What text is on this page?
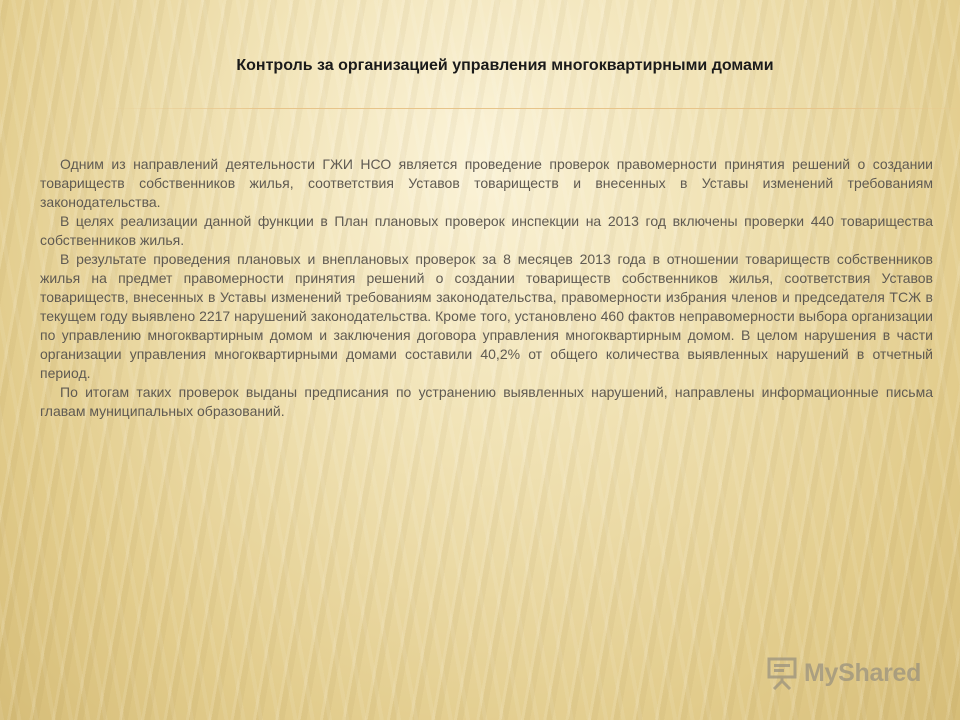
Контроль за организацией управления многоквартирными домами

Одним из направлений деятельности ГЖИ НСО является проведение проверок правомерности принятия решений о создании товариществ собственников жилья, соответствия Уставов товариществ и внесенных в Уставы изменений требованиям законодательства.

В целях реализации данной функции в План плановых проверок инспекции на 2013 год включены проверки 440 товарищества собственников жилья.

В результате проведения плановых и внеплановых проверок за 8 месяцев 2013 года в отношении товариществ собственников жилья на предмет правомерности принятия решений о создании товариществ собственников жилья, соответствия Уставов товариществ, внесенных в Уставы изменений требованиям законодательства, правомерности избрания членов и председателя ТСЖ в текущем году выявлено 2217 нарушений законодательства. Кроме того, установлено 460 фактов неправомерности выбора организации по управлению многоквартирным домом и заключения договора управления многоквартирным домом. В целом нарушения в части организации управления многоквартирными домами составили 40,2% от общего количества выявленных нарушений в отчетный период.

По итогам таких проверок выданы предписания по устранению выявленных нарушений, направлены информационные письма главам муниципальных образований.

MyShared
